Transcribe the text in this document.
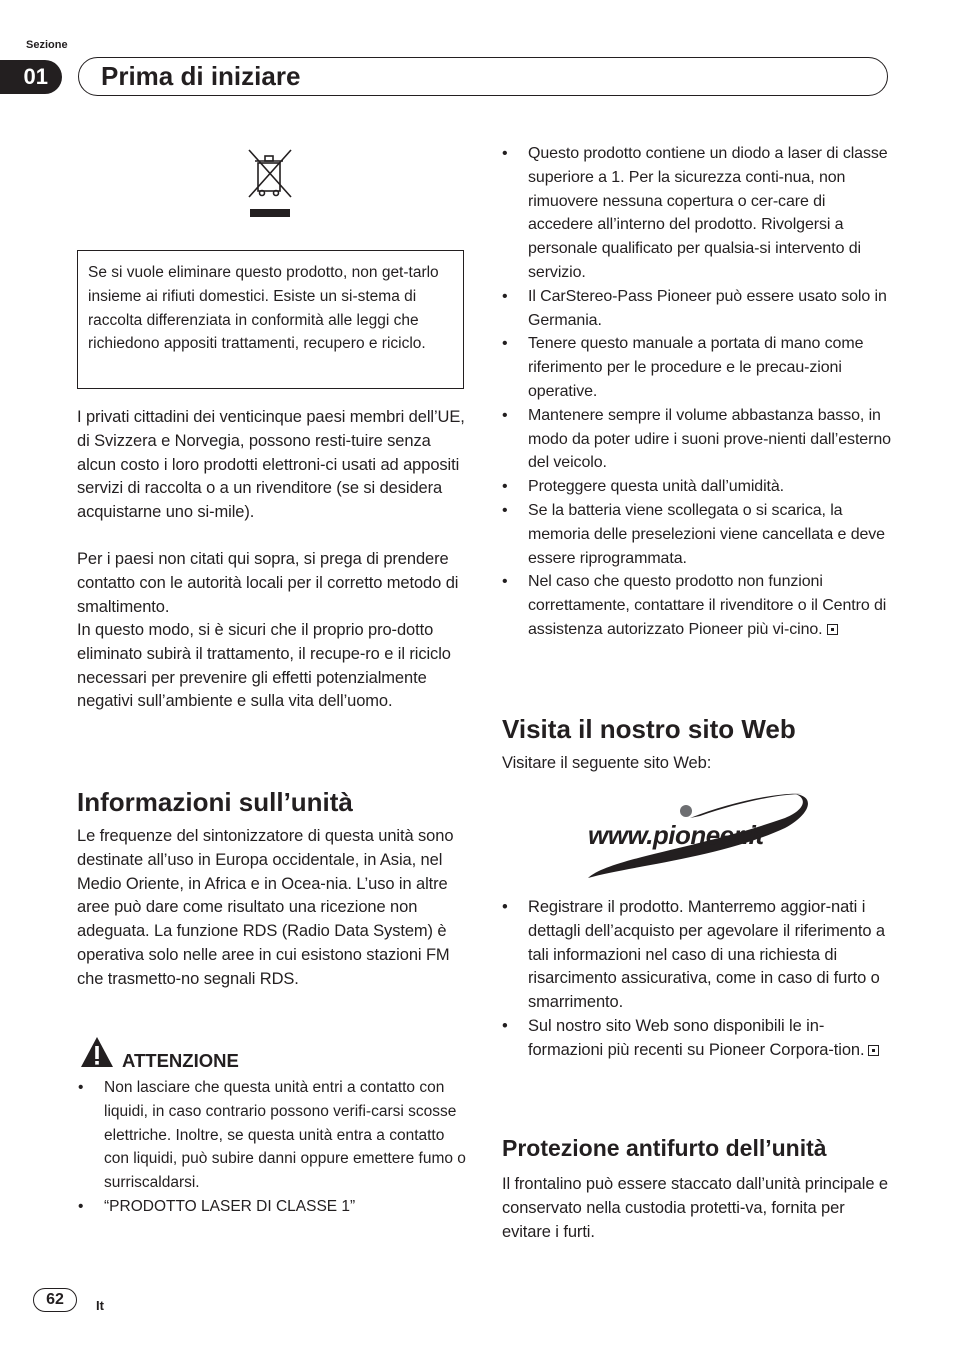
Sezione
01	Prima di iniziare
Se si vuole eliminare questo prodotto, non get-tarlo insieme ai rifiuti domestici. Esiste un si-stema di raccolta differenziata in conformità alle leggi che richiedono appositi trattamenti, recupero e riciclo.
I privati cittadini dei venticinque paesi membri dell’UE, di Svizzera e Norvegia, possono resti-tuire senza alcun costo i loro prodotti elettroni-ci usati ad appositi servizi di raccolta o a un rivenditore (se si desidera acquistarne uno si-mile).
Per i paesi non citati qui sopra, si prega di prendere contatto con le autorità locali per il corretto metodo di smaltimento.
In questo modo, si è sicuri che il proprio pro-dotto eliminato subirà il trattamento, il recupe-ro e il riciclo necessari per prevenire gli effetti potenzialmente negativi sull’ambiente e sulla vita dell’uomo.
Informazioni sull’unità
Le frequenze del sintonizzatore di questa unità sono destinate all’uso in Europa occidentale, in Asia, nel Medio Oriente, in Africa e in Ocea-nia. L’uso in altre aree può dare come risultato una ricezione non adeguata. La funzione RDS (Radio Data System) è operativa solo nelle aree in cui esistono stazioni FM che trasmetto-no segnali RDS.
ATTENZIONE
• Non lasciare che questa unità entri a contatto con liquidi, in caso contrario possono verifi-carsi scosse elettriche. Inoltre, se questa unità entra a contatto con liquidi, può subire danni oppure emettere fumo o surriscaldarsi.
• “PRODOTTO LASER DI CLASSE 1”
• Questo prodotto contiene un diodo a laser di classe superiore a 1. Per la sicurezza conti-nua, non rimuovere nessuna copertura o cer-care di accedere all’interno del prodotto. Rivolgersi a personale qualificato per qualsia-si intervento di servizio.
• Il CarStereo-Pass Pioneer può essere usato solo in Germania.
• Tenere questo manuale a portata di mano come riferimento per le procedure e le precau-zioni operative.
• Mantenere sempre il volume abbastanza basso, in modo da poter udire i suoni prove-nienti dall’esterno del veicolo.
• Proteggere questa unità dall’umidità.
• Se la batteria viene scollegata o si scarica, la memoria delle preselezioni viene cancellata e deve essere riprogrammata.
• Nel caso che questo prodotto non funzioni correttamente, contattare il rivenditore o il Centro di assistenza autorizzato Pioneer più vi-cino.
Visita il nostro sito Web
Visitare il seguente sito Web:
www.pioneer.it
• Registrare il prodotto. Manterremo aggior-nati i dettagli dell’acquisto per agevolare il riferimento a tali informazioni nel caso di una richiesta di risarcimento assicurativa, come in caso di furto o smarrimento.
• Sul nostro sito Web sono disponibili le in-formazioni più recenti su Pioneer Corpora-tion.
Protezione antifurto dell’unità
Il frontalino può essere staccato dall’unità principale e conservato nella custodia protetti-va, fornita per evitare i furti.
62	It
